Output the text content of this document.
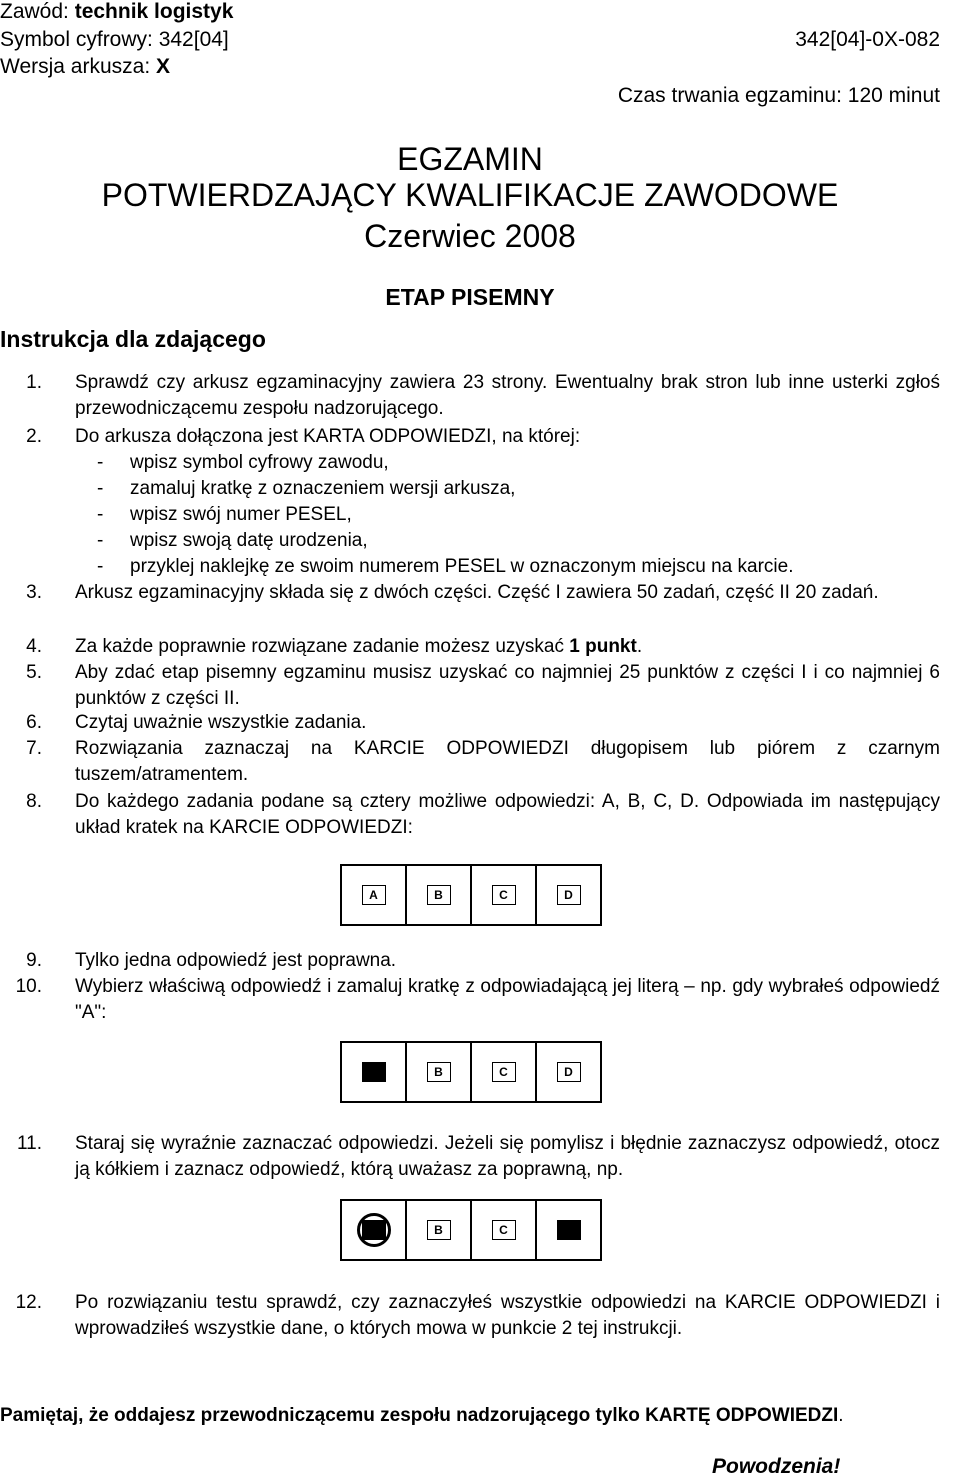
Zawód: technik logistyk
Symbol cyfrowy: 342[04]	342[04]-0X-082
Wersja arkusza: X
Czas trwania egzaminu: 120 minut
EGZAMIN
POTWIERDZAJĄCY KWALIFIKACJE ZAWODOWE
Czerwiec 2008
ETAP PISEMNY
Instrukcja dla zdającego
1. Sprawdź czy arkusz egzaminacyjny zawiera 23 strony. Ewentualny brak stron lub inne usterki zgłoś przewodniczącemu zespołu nadzorującego.
2. Do arkusza dołączona jest KARTA ODPOWIEDZI, na której:
- wpisz symbol cyfrowy zawodu,
- zamaluj kratkę z oznaczeniem wersji arkusza,
- wpisz swój numer PESEL,
- wpisz swoją datę urodzenia,
- przyklej naklejkę ze swoim numerem PESEL w oznaczonym miejscu na karcie.
3. Arkusz egzaminacyjny składa się z dwóch części. Część I zawiera 50 zadań, część II 20 zadań.
4. Za każde poprawnie rozwiązane zadanie możesz uzyskać 1 punkt.
5. Aby zdać etap pisemny egzaminu musisz uzyskać co najmniej 25 punktów z części I i co najmniej 6 punktów z części II.
6. Czytaj uważnie wszystkie zadania.
7. Rozwiązania zaznaczaj na KARCIE ODPOWIEDZI długopisem lub piórem z czarnym tuszem/atramentem.
8. Do każdego zadania podane są cztery możliwe odpowiedzi: A, B, C, D. Odpowiada im następujący układ kratek na KARCIE ODPOWIEDZI:
A	B	C	D
9. Tylko jedna odpowiedź jest poprawna.
10. Wybierz właściwą odpowiedź i zamaluj kratkę z odpowiadającą jej literą – np. gdy wybrałeś odpowiedź "A":
A	B	C	D
11. Staraj się wyraźnie zaznaczać odpowiedzi. Jeżeli się pomylisz i błędnie zaznaczysz odpowiedź, otocz ją kółkiem i zaznacz odpowiedź, którą uważasz za poprawną, np.
A	B	C	D
12. Po rozwiązaniu testu sprawdź, czy zaznaczyłeś wszystkie odpowiedzi na KARCIE ODPOWIEDZI i wprowadziłeś wszystkie dane, o których mowa w punkcie 2 tej instrukcji.
Pamiętaj, że oddajesz przewodniczącemu zespołu nadzorującego tylko KARTĘ ODPOWIEDZI.
Powodzenia!
